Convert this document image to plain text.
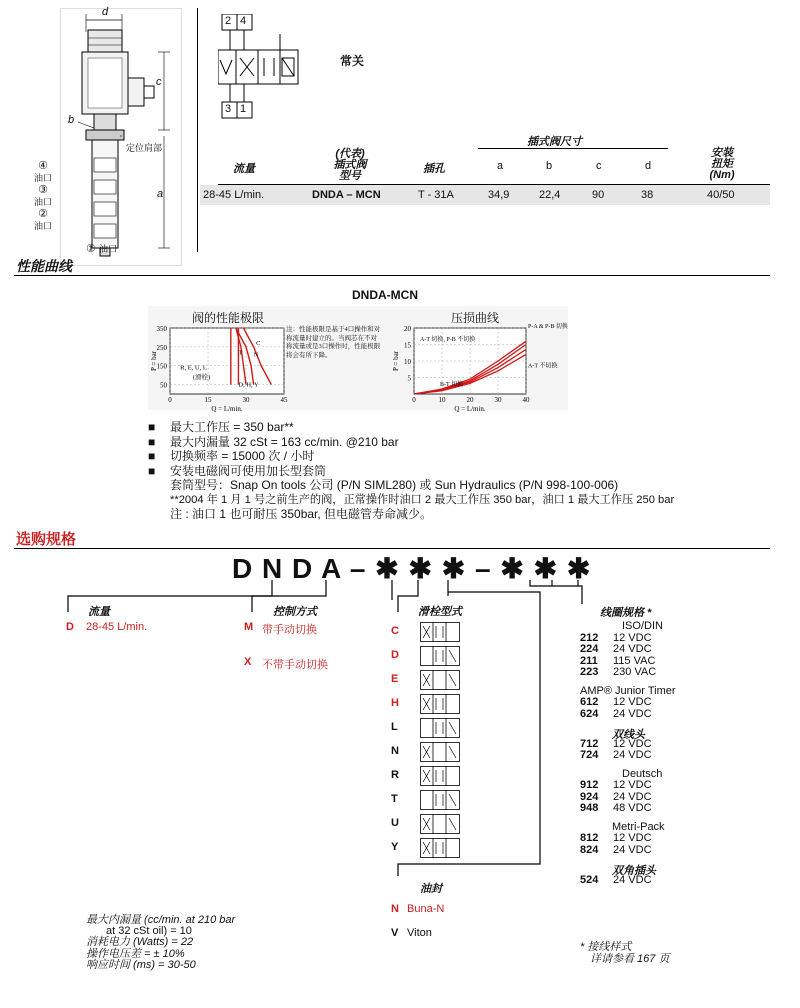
d
c
b
a
定位肩部
④
油口
③
油口
②
油口
① 油口
2 4
3 1
常关
插式阀尺寸
流量
(代表)
插式阀
型号
插孔	a	b	c	d
安装
扭矩
(Nm)
28-45 L/min.	DNDA – MCN	T - 31A	34,9	22,4	90	38	40/50
性能曲线
DNDA-MCN
阀的性能极限
50
150
250
350
0	15	30	45
Q = L/min.
P = bar	R, E, U, L
(滑栓)
D, H, Y
T N
C
注：性能极限是基于4口操作和对称流量时建立的。当阀芯在不对称流量或是3口操作时，性能极限将会有所下降。
压损曲线
5
10
15
20
0	10	20	30	40
Q = L/min.
P = bar
P-A & P-B 切换
A-T 切换, P-B 不切换
B-T 切换
A-T 不切换
■ 最大工作压 = 350 bar**
■ 最大内漏量 32 cSt = 163 cc/min. @210 bar
■ 切换频率 = 15000 次 / 小时
■ 安装电磁阀可使用加长型套筒
套筒型号：Snap On tools 公司 (P/N SIML280) 或 Sun Hydraulics (P/N 998-100-006)
**2004 年 1 月 1 号之前生产的阀，正常操作时油口 2 最大工作压 350 bar，油口 1 最大工作压 250 bar
注 : 油口 1 也可耐压 350bar, 但电磁管寿命减少。
选购规格
D N D A – ✱ ✱ ✱ – ✱ ✱ ✱
流量
D 28-45 L/min.
控制方式
M 带手动切换
X 不带手动切换
滑栓型式
C
D
E
H
L
N
R
T
U
Y
油封
N Buna-N
V Viton
线圈规格 *
ISO/DIN
212 12 VDC
224 24 VDC
211 115 VAC
223 230 VAC
AMP® Junior Timer
612 12 VDC
624 24 VDC
双线头
712 12 VDC
724 24 VDC
Deutsch
912 12 VDC
924 24 VDC
948 48 VDC
Metri-Pack
812 12 VDC
824 24 VDC
双角插头
524 24 VDC
* 接线样式
详请参看 167 页
最大内漏量 (cc/min. at 210 bar
at 32 cSt oil) = 10
消耗电力 (Watts) = 22
操作电压差 = ± 10%
响应时间 (ms) = 30-50
